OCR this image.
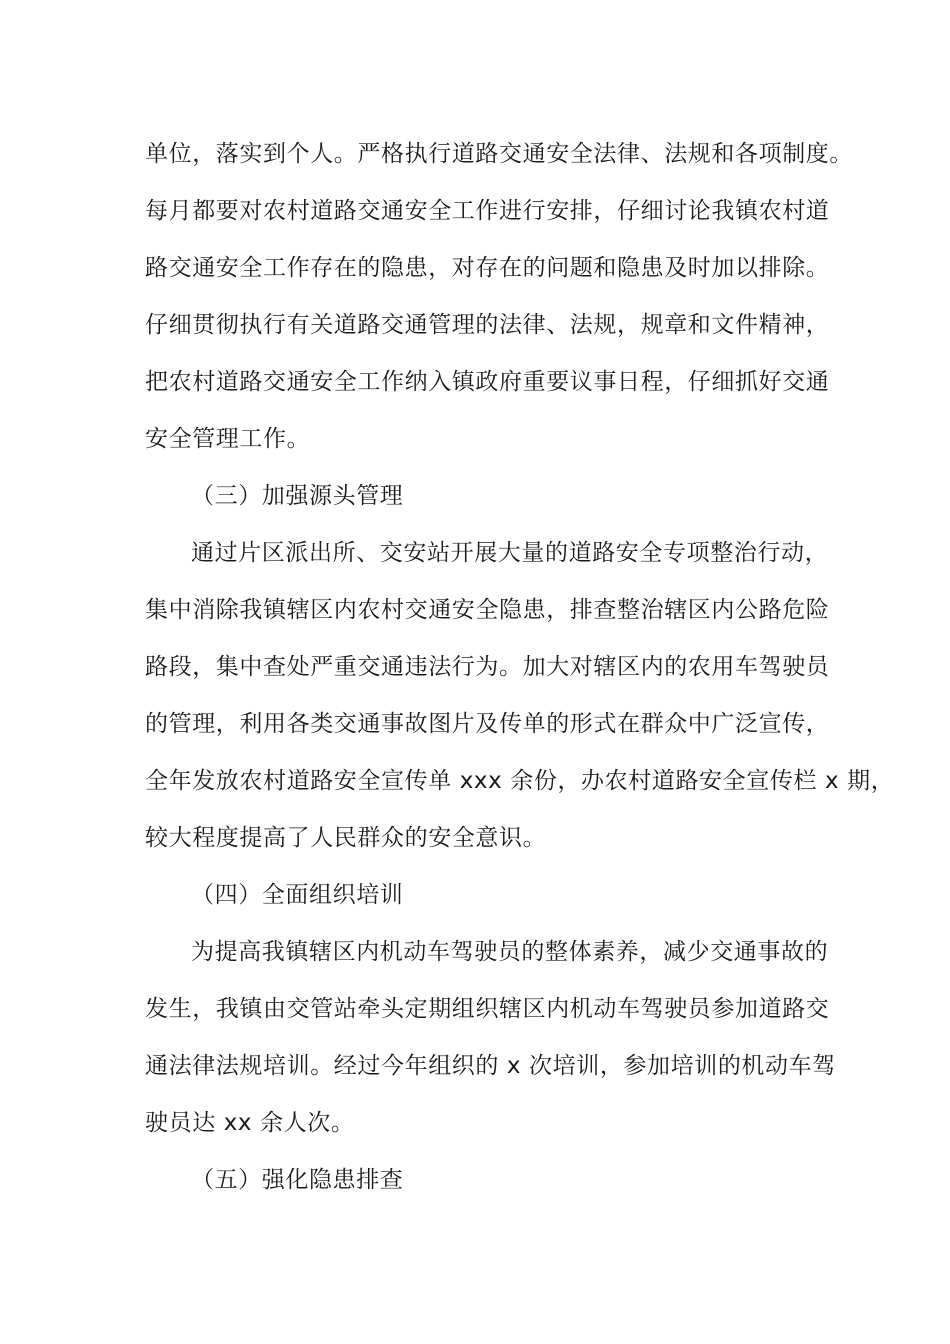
单位，落实到个人。严格执行道路交通安全法律、法规和各项制度。
每月都要对农村道路交通安全工作进行安排，仔细讨论我镇农村道
路交通安全工作存在的隐患，对存在的问题和隐患及时加以排除。
仔细贯彻执行有关道路交通管理的法律、法规，规章和文件精神，
把农村道路交通安全工作纳入镇政府重要议事日程，仔细抓好交通
安全管理工作。
（三）加强源头管理
通过片区派出所、交安站开展大量的道路安全专项整治行动，
集中消除我镇辖区内农村交通安全隐患，排查整治辖区内公路危险
路段，集中查处严重交通违法行为。加大对辖区内的农用车驾驶员
的管理，利用各类交通事故图片及传单的形式在群众中广泛宣传，
全年发放农村道路安全宣传单 xxx 余份，办农村道路安全宣传栏 x 期，
较大程度提高了人民群众的安全意识。
（四）全面组织培训
为提高我镇辖区内机动车驾驶员的整体素养，减少交通事故的
发生，我镇由交管站牵头定期组织辖区内机动车驾驶员参加道路交
通法律法规培训。经过今年组织的 x 次培训，参加培训的机动车驾
驶员达 xx 余人次。
（五）强化隐患排查
